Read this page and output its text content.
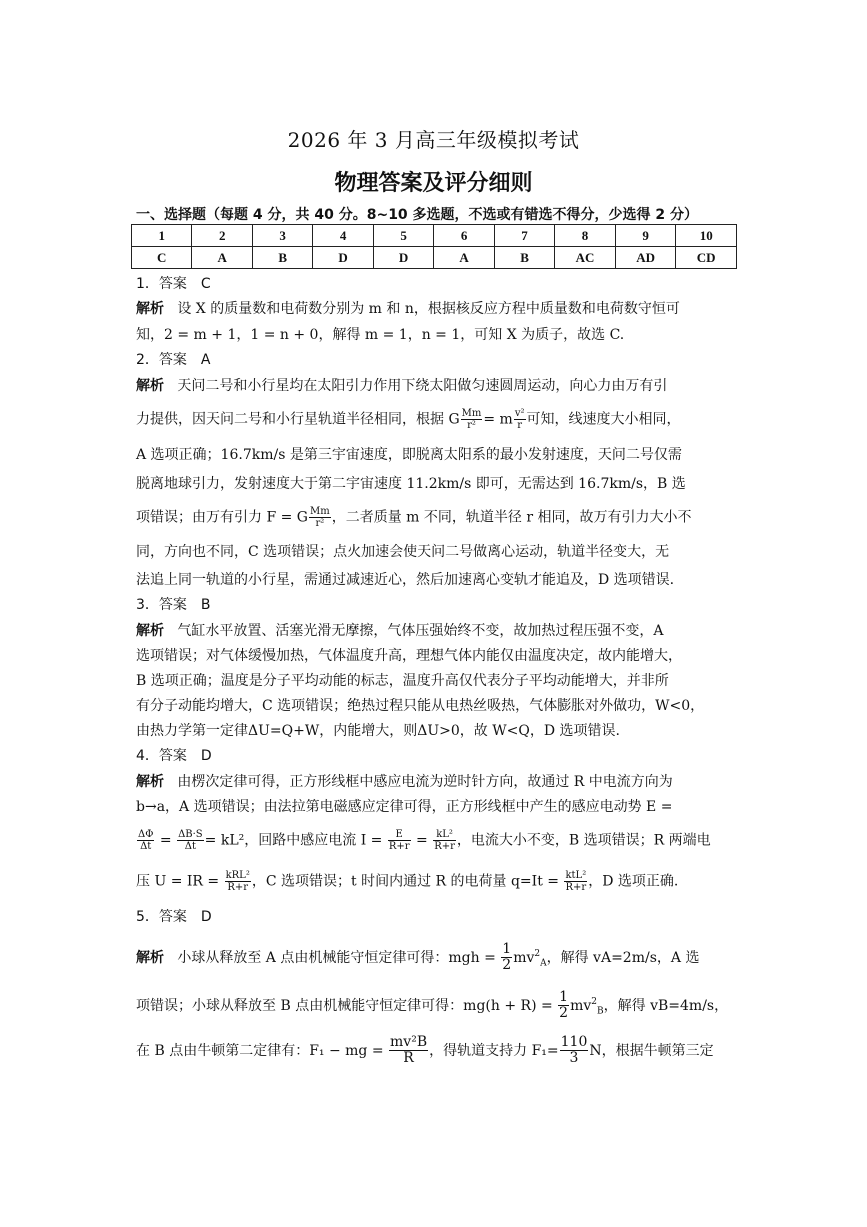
2026 年 3 月高三年级模拟考试
物理答案及评分细则
一、选择题（每题 4 分，共 40 分。8~10 多选题，不选或有错选不得分，少选得 2 分）
1	2	3	4	5	6	7	8	9	10
C	A	B	D	D	A	B	AC	AD	CD
1．答案　C
解析 设 X 的质量数和电荷数分别为 m 和 n，根据核反应方程中质量数和电荷数守恒可
知，2 = m + 1，1 = n + 0，解得 m = 1，n = 1，可知 X 为质子，故选 C.
2．答案　A
解析 天问二号和小行星均在太阳引力作用下绕太阳做匀速圆周运动，向心力由万有引
力提供，因天问二号和小行星轨道半径相同，根据 G $\frac{Mm}{\text{r²}} = m \frac{\text{v²}}{r}$ 可知，线速度大小相同，
A 选项正确；16.7km/s 是第三宇宙速度，即脱离太阳系的最小发射速度，天问二号仅需
脱离地球引力，发射速度大于第二宇宙速度 11.2km/s 即可，无需达到 16.7km/s，B 选
项错误；由万有引力 F = G $\frac{Mm}{\text{r²}}$ ，二者质量 m 不同，轨道半径 r 相同，故万有引力大小不
同，方向也不同，C 选项错误；点火加速会使天问二号做离心运动，轨道半径变大，无
法追上同一轨道的小行星，需通过减速近心，然后加速离心变轨才能追及，D 选项错误.
3．答案　B
解析 气缸水平放置、活塞光滑无摩擦，气体压强始终不变，故加热过程压强不变，A
选项错误；对气体缓慢加热，气体温度升高，理想气体内能仅由温度决定，故内能增大，
B 选项正确；温度是分子平均动能的标志，温度升高仅代表分子平均动能增大，并非所
有分子动能均增大，C 选项错误；绝热过程只能从电热丝吸热，气体膨胀对外做功，W<0，
由热力学第一定律ΔU=Q+W，内能增大，则ΔU>0，故 W<Q，D 选项错误.
4．答案　D
解析 由楞次定律可得，正方形线框中感应电流为逆时针方向，故通过 R 中电流方向为
b→a，A 选项错误；由法拉第电磁感应定律可得，正方形线框中产生的感应电动势 E =
$\frac{\Delta\Phi}{\Delta t} = \frac{\Delta B\cdot S}{\Delta t} = kL^2$，回路中感应电流 $I = \frac{E}{R+r} = \frac{\text{kL²}}{R+r}$ ，电流大小不变，B 选项错误；R 两端电
压 U = IR = $\frac{\text{kRL²}}{R+r}$ ，C 选项错误；t 时间内通过 R 的电荷量 $q=It = \frac{\text{ktL²}}{R+r}$ ，D 选项正确.
5．答案　D
解析 小球从释放至 A 点由机械能守恒定律可得：mgh = $\frac{1}{2} mv^2_A$，解得 vA=2m/s，A 选
项错误；小球从释放至 B 点由机械能守恒定律可得：$mg(h + R) = \frac{1}{2} mv^2_B$，解得 vB=4m/s，
在 B 点由牛顿第二定律有：F₁ − mg = $\frac{\text{mv²B}}{R}$ ，得轨道支持力 $F_1= \frac{110}{3}$ N，根据牛顿第三定
